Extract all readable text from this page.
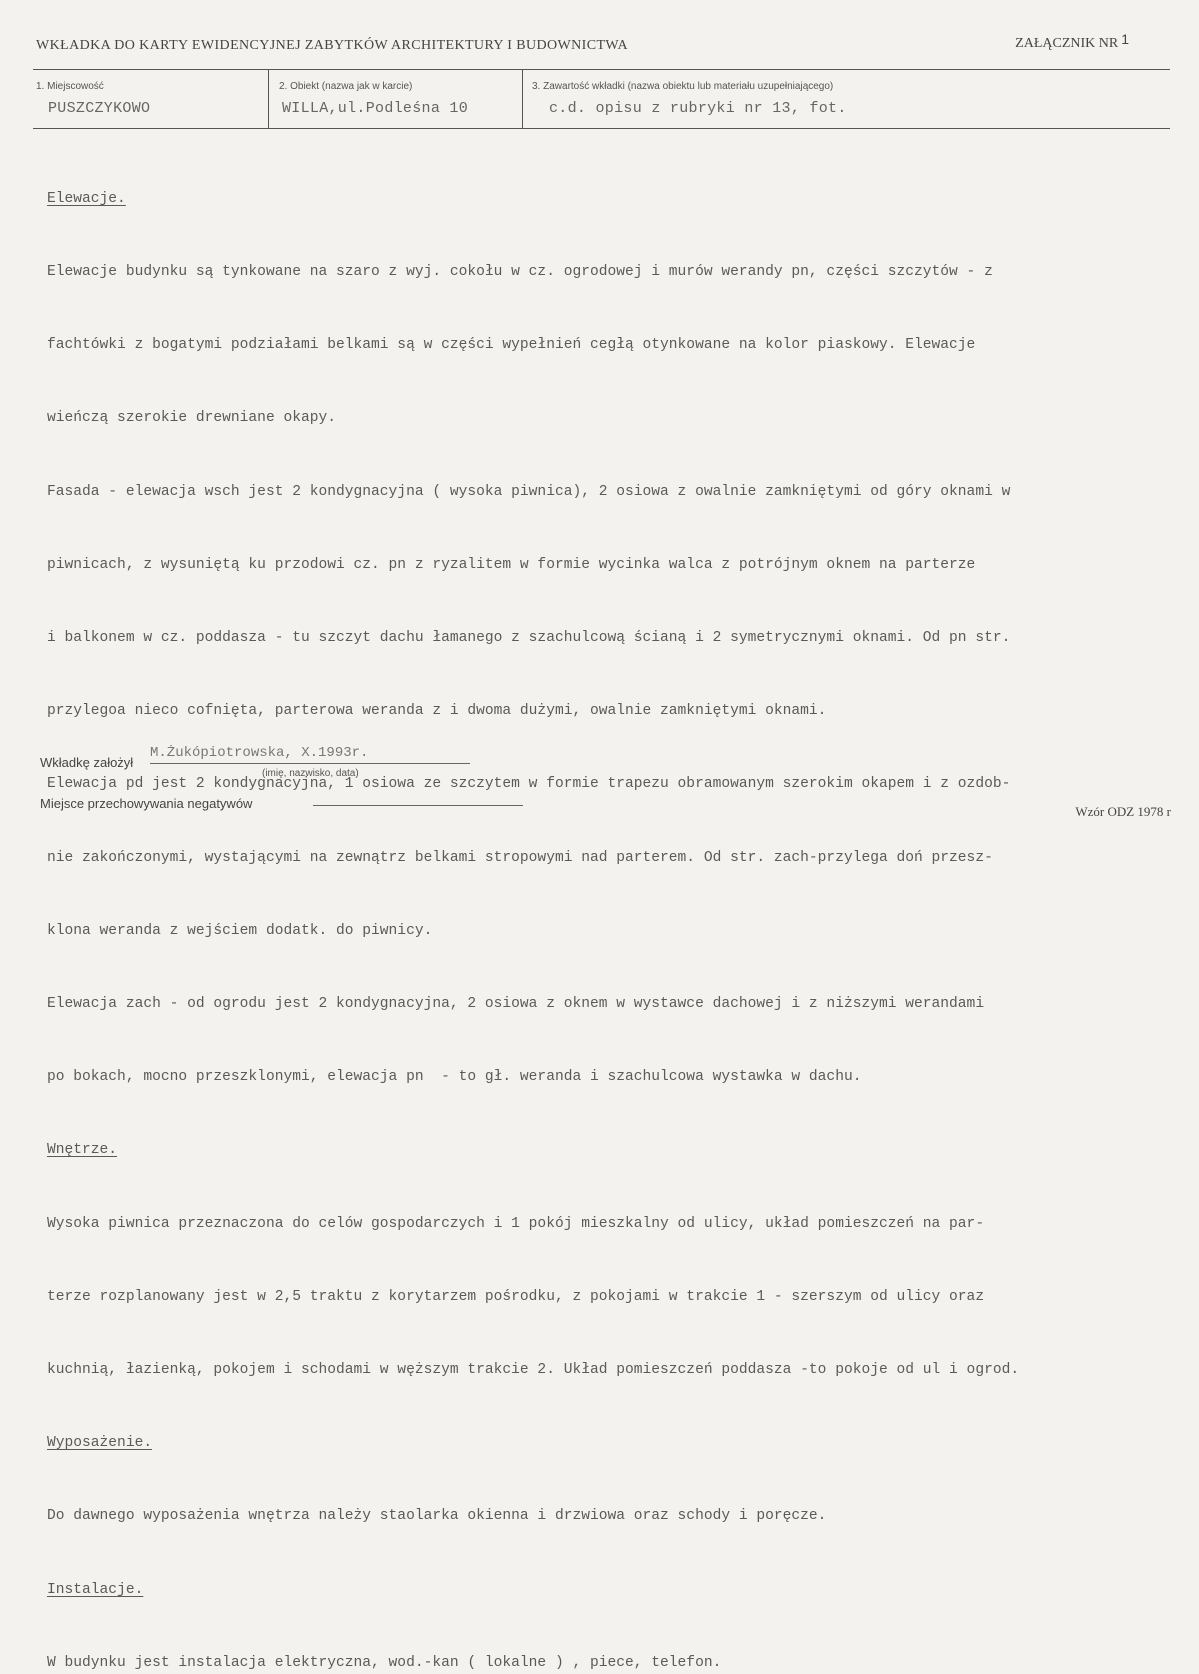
WKŁADKA DO KARTY EWIDENCYJNEJ ZABYTKÓW ARCHITEKTURY I BUDOWNICTWA	ZAŁĄCZNIK NR 1
1. Miejscowość
PUSZCZYKOWO
2. Obiekt (nazwa jak w karcie)
WILLA,ul.Podleśna 10
3. Zawartość wkładki (nazwa obiektu lub materiału uzupełniającego)
c.d. opisu z rubryki nr 13, fot.

Elewacje.

Elewacje budynku są tynkowane na szaro z wyj. cokołu w cz. ogrodowej i murów werandy pn, części szczytów - z

fachtówki z bogatymi podziałami belkami są w części wypełnień cegłą otynkowane na kolor piaskowy. Elewacje

wieńczą szerokie drewniane okapy.

Fasada - elewacja wsch jest 2 kondygnacyjna ( wysoka piwnica), 2 osiowa z owalnie zamkniętymi od góry oknami w

piwnicach, z wysuniętą ku przodowi cz. pn z ryzalitem w formie wycinka walca z potrójnym oknem na parterze

i balkonem w cz. poddasza - tu szczyt dachu łamanego z szachulcową ścianą i 2 symetrycznymi oknami. Od pn str.

przylegoa nieco cofnięta, parterowa weranda z i dwoma dużymi, owalnie zamkniętymi oknami.

Elewacja pd jest 2 kondygnacyjna, 1 osiowa ze szczytem w formie trapezu obramowanym szerokim okapem i z ozdob-

nie zakończonymi, wystającymi na zewnątrz belkami stropowymi nad parterem. Od str. zach-przylega doń przesz-

klona weranda z wejściem dodatk. do piwnicy.

Elewacja zach - od ogrodu jest 2 kondygnacyjna, 2 osiowa z oknem w wystawce dachowej i z niższymi werandami

po bokach, mocno przeszklonymi, elewacja pn  - to gł. weranda i szachulcowa wystawka w dachu.

Wnętrze.

Wysoka piwnica przeznaczona do celów gospodarczych i 1 pokój mieszkalny od ulicy, układ pomieszczeń na par-

terze rozplanowany jest w 2,5 traktu z korytarzem pośrodku, z pokojami w trakcie 1 - szerszym od ulicy oraz

kuchnią, łazienką, pokojem i schodami w węższym trakcie 2. Układ pomieszczeń poddasza -to pokoje od ul i ogrod.

Wyposażenie.

Do dawnego wyposażenia wnętrza należy staolarka okienna i drzwiowa oraz schody i poręcze.

Instalacje.

W budynku jest instalacja elektryczna, wod.-kan ( lokalne ) , piece, telefon.

Wkładkę założył
M.Żukópiotrowska, X.1993r.
(imię, nazwisko, data)
Miejsce przechowywania negatywów
Wzór ODZ 1978 r
